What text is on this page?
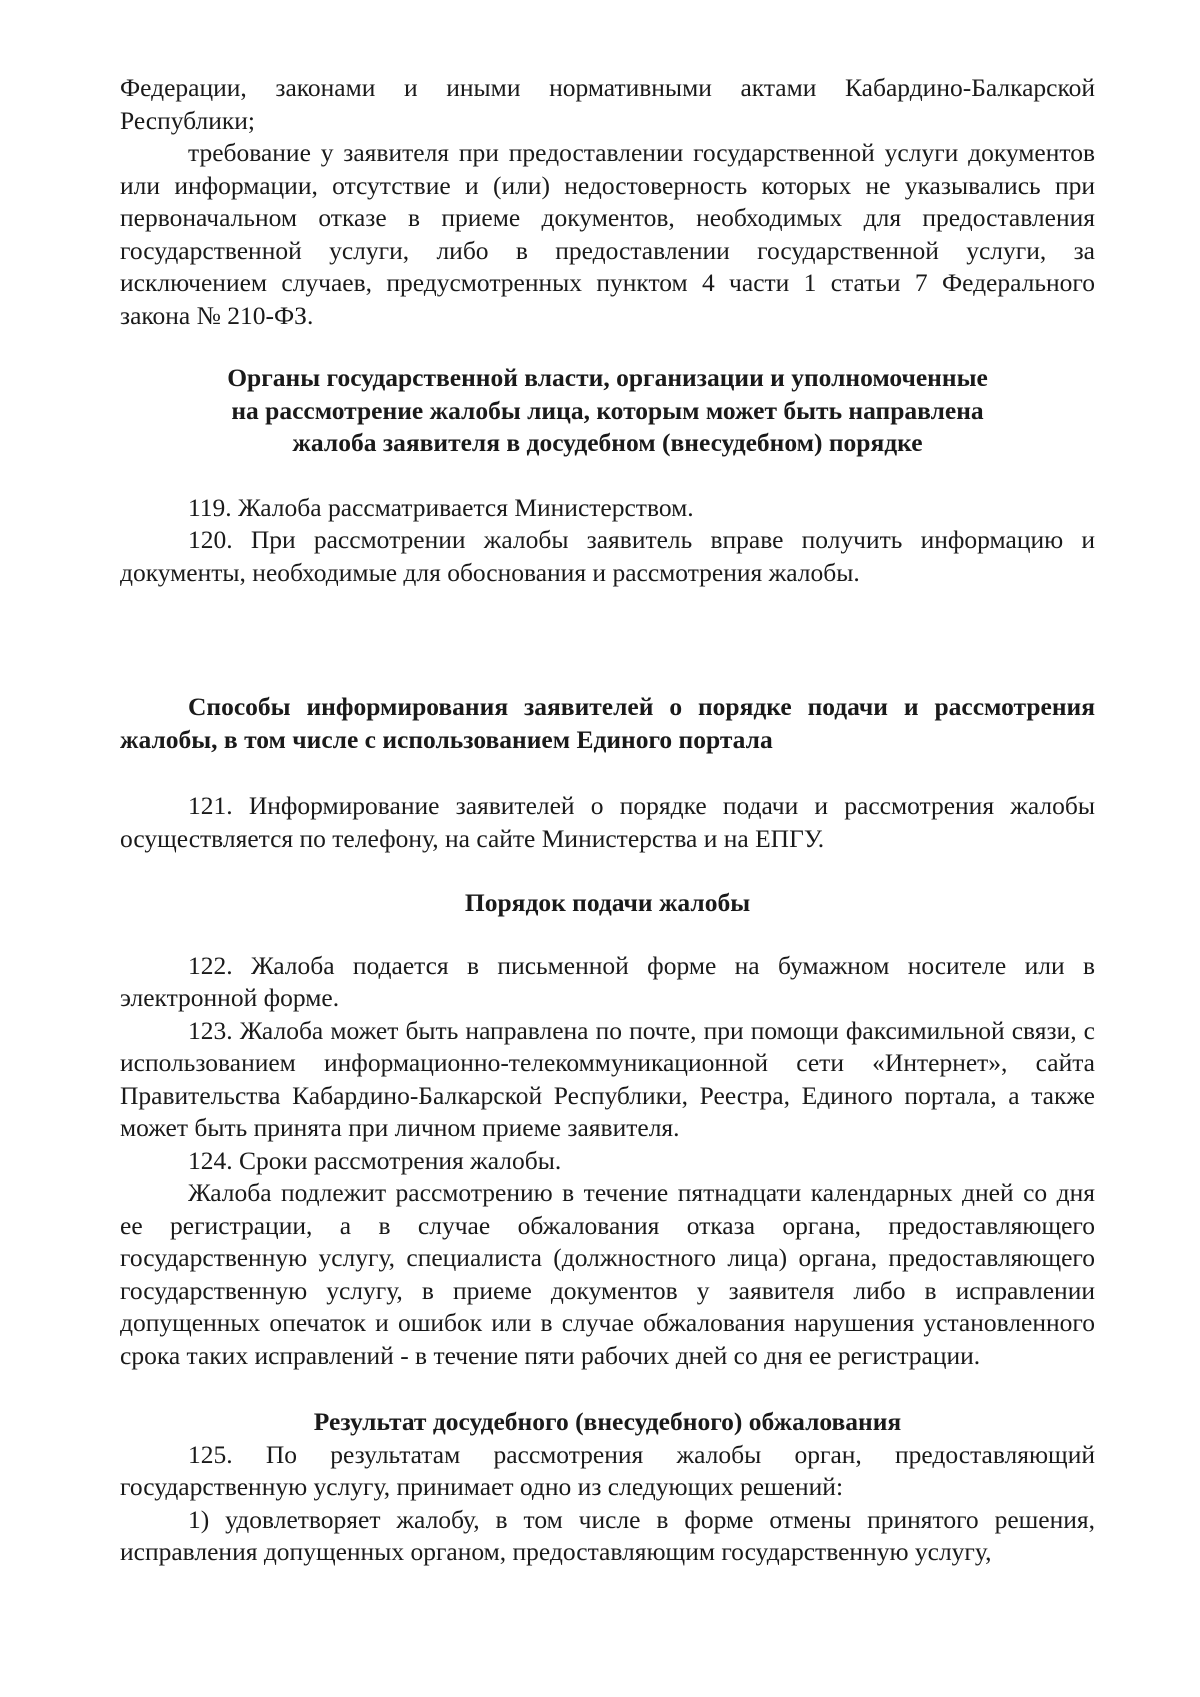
Федерации, законами и иными нормативными актами Кабардино-Балкарской Республики;

требование у заявителя при предоставлении государственной услуги документов или информации, отсутствие и (или) недостоверность которых не указывались при первоначальном отказе в приеме документов, необходимых для предоставления государственной услуги, либо в предоставлении государственной услуги, за исключением случаев, предусмотренных пунктом 4 части 1 статьи 7 Федерального закона № 210-ФЗ.

Органы государственной власти, организации и уполномоченные
на рассмотрение жалобы лица, которым может быть направлена
жалоба заявителя в досудебном (внесудебном) порядке

119. Жалоба рассматривается Министерством.

120. При рассмотрении жалобы заявитель вправе получить информацию и документы, необходимые для обоснования и рассмотрения жалобы.

Способы информирования заявителей о порядке подачи и рассмотрения жалобы, в том числе с использованием Единого портала

121. Информирование заявителей о порядке подачи и рассмотрения жалобы осуществляется по телефону, на сайте Министерства и на ЕПГУ.

Порядок подачи жалобы

122. Жалоба подается в письменной форме на бумажном носителе или в электронной форме.

123. Жалоба может быть направлена по почте, при помощи факсимильной связи, с использованием информационно-телекоммуникационной сети «Интернет», сайта Правительства Кабардино-Балкарской Республики, Реестра, Единого портала, а также может быть принята при личном приеме заявителя.

124. Сроки рассмотрения жалобы.

Жалоба подлежит рассмотрению в течение пятнадцати календарных дней со дня ее регистрации, а в случае обжалования отказа органа, предоставляющего государственную услугу, специалиста (должностного лица) органа, предоставляющего государственную услугу, в приеме документов у заявителя либо в исправлении допущенных опечаток и ошибок или в случае обжалования нарушения установленного срока таких исправлений - в течение пяти рабочих дней со дня ее регистрации.

Результат досудебного (внесудебного) обжалования

125. По результатам рассмотрения жалобы орган, предоставляющий государственную услугу, принимает одно из следующих решений:

1) удовлетворяет жалобу, в том числе в форме отмены принятого решения, исправления допущенных органом, предоставляющим государственную услугу,
